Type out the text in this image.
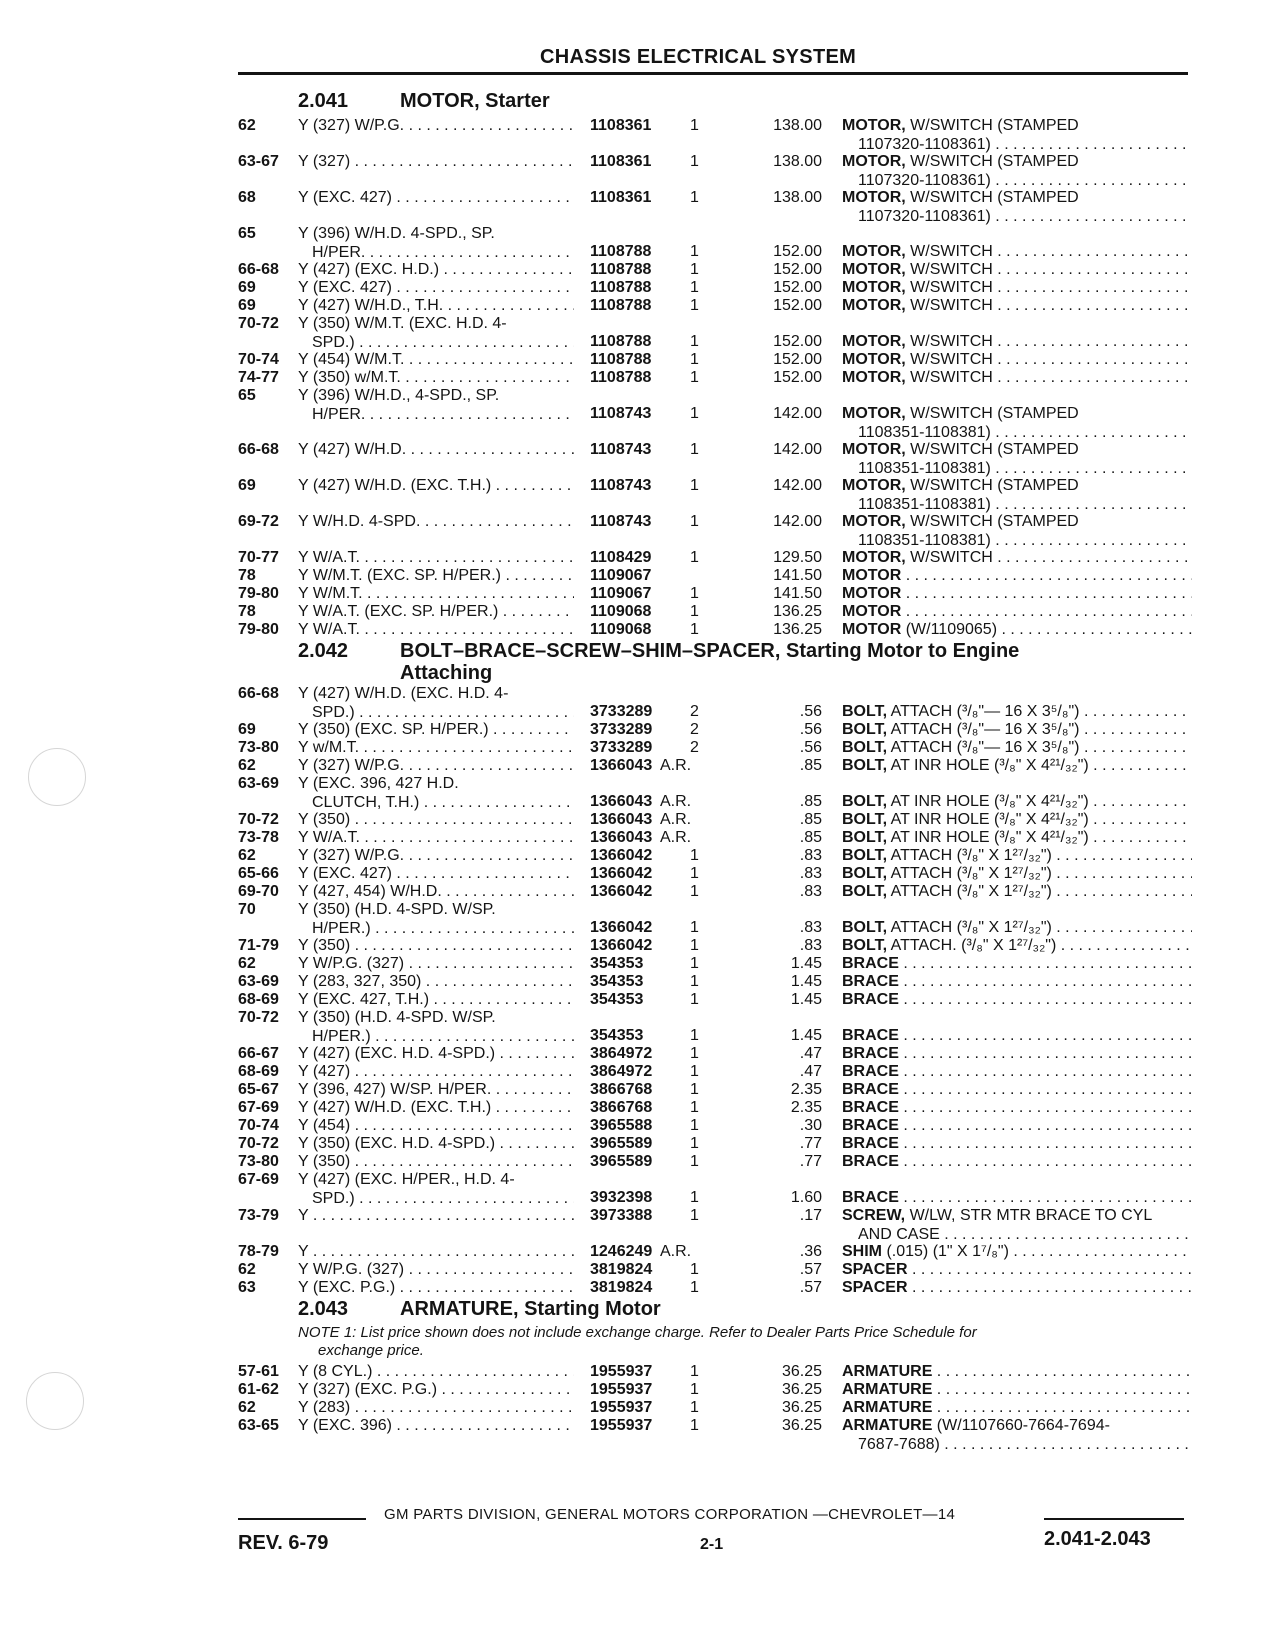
CHASSIS ELECTRICAL SYSTEM
2.041	MOTOR, Starter
62	Y (327) W/P.G. . . .	1108361 1	138.00 MOTOR, W/SWITCH (STAMPED

1107320-1108361) . . .
63-67 Y (327) . . .	1108361 1	138.00 MOTOR, W/SWITCH (STAMPED

1107320-1108361) . . .
68	Y (EXC. 427) . . .	1108361 1	138.00 MOTOR, W/SWITCH (STAMPED

1107320-1108361) . . .
65	Y (396) W/H.D. 4-SPD., SP.

H/PER. . . .	1108788 1	152.00 MOTOR, W/SWITCH . . .
66-68 Y (427) (EXC. H.D.) . . .	1108788 1	152.00 MOTOR, W/SWITCH . . .
69	Y (EXC. 427) . . .	1108788 1	152.00 MOTOR, W/SWITCH . . .
69	Y (427) W/H.D., T.H. . . .	1108788 1	152.00 MOTOR, W/SWITCH . . .
70-72 Y (350) W/M.T. (EXC. H.D. 4-

SPD.) . . .	1108788 1	152.00 MOTOR, W/SWITCH . . .
70-74 Y (454) W/M.T. . . .	1108788 1	152.00 MOTOR, W/SWITCH . . .
74-77 Y (350) w/M.T. . . .	1108788 1	152.00 MOTOR, W/SWITCH . . .
65	Y (396) W/H.D., 4-SPD., SP.

H/PER. . . .	1108743 1	142.00 MOTOR, W/SWITCH (STAMPED

1108351-1108381) . . .
66-68 Y (427) W/H.D. . . .	1108743 1	142.00 MOTOR, W/SWITCH (STAMPED

1108351-1108381) . . .
69	Y (427) W/H.D. (EXC. T.H.) . . .	1108743 1	142.00 MOTOR, W/SWITCH (STAMPED

1108351-1108381) . . .
69-72 Y W/H.D. 4-SPD. . . .	1108743 1	142.00 MOTOR, W/SWITCH (STAMPED

1108351-1108381) . . .
70-77 Y W/A.T. . . .	1108429 1	129.50 MOTOR, W/SWITCH . . .
78	Y W/M.T. (EXC. SP. H/PER.) . . .	1109067	141.50 MOTOR . . .
79-80 Y W/M.T. . . .	1109067 1	141.50 MOTOR . . .
78	Y W/A.T. (EXC. SP. H/PER.) . . .	1109068 1	136.25 MOTOR . . .
79-80 Y W/A.T. . . .	1109068 1	136.25 MOTOR (W/1109065) . . .
2.042	BOLT–BRACE–SCREW–SHIM–SPACER, Starting Motor to Engine
Attaching
66-68 Y (427) W/H.D. (EXC. H.D. 4-

SPD.) . . .	3733289 2	.56 BOLT, ATTACH (³/₈"— 16 X 3⁵/₈") . . .
69	Y (350) (EXC. SP. H/PER.) . . .	3733289 2	.56 BOLT, ATTACH (³/₈"— 16 X 3⁵/₈") . . .
73-80 Y w/M.T. . . .	3733289 2	.56 BOLT, ATTACH (³/₈"— 16 X 3⁵/₈") . . .
62	Y (327) W/P.G. . . .	1366043 A.R.	.85 BOLT, AT INR HOLE (³/₈" X 4²¹/₃₂") . . .
63-69 Y (EXC. 396, 427 H.D.

CLUTCH, T.H.) . . .	1366043 A.R.	.85 BOLT, AT INR HOLE (³/₈" X 4²¹/₃₂") . . .
70-72 Y (350) . . .	1366043 A.R.	.85 BOLT, AT INR HOLE (³/₈" X 4²¹/₃₂") . . .
73-78 Y W/A.T. . . .	1366043 A.R.	.85 BOLT, AT INR HOLE (³/₈" X 4²¹/₃₂") . . .
62	Y (327) W/P.G. . . .	1366042 1	.83 BOLT, ATTACH (³/₈" X 1²⁷/₃₂") . . .
65-66 Y (EXC. 427) . . .	1366042 1	.83 BOLT, ATTACH (³/₈" X 1²⁷/₃₂") . . .
69-70 Y (427, 454) W/H.D. . . .	1366042 1	.83 BOLT, ATTACH (³/₈" X 1²⁷/₃₂") . . .
70	Y (350) (H.D. 4-SPD. W/SP.

H/PER.) . . .	1366042 1	.83 BOLT, ATTACH (³/₈" X 1²⁷/₃₂") . . .
71-79 Y (350) . . .	1366042 1	.83 BOLT, ATTACH. (³/₈" X 1²⁷/₃₂") . . .
62	Y W/P.G. (327) . . .	354353	1	1.45 BRACE . . .
63-69 Y (283, 327, 350) . . .	354353	1	1.45 BRACE . . .
68-69 Y (EXC. 427, T.H.) . . .	354353	1	1.45 BRACE . . .
70-72 Y (350) (H.D. 4-SPD. W/SP.

H/PER.) . . .	354353	1	1.45 BRACE . . .
66-67 Y (427) (EXC. H.D. 4-SPD.) . . .	3864972 1	.47 BRACE . . .
68-69 Y (427) . . .	3864972 1	.47 BRACE . . .
65-67 Y (396, 427) W/SP. H/PER. . . .	3866768 1	2.35 BRACE . . .
67-69 Y (427) W/H.D. (EXC. T.H.) . . .	3866768 1	2.35 BRACE . . .
70-74 Y (454) . . .	3965588 1	.30 BRACE . . .
70-72 Y (350) (EXC. H.D. 4-SPD.) . . .	3965589 1	.77 BRACE . . .
73-80 Y (350) . . .	3965589 1	.77 BRACE . . .
67-69 Y (427) (EXC. H/PER., H.D. 4-

SPD.) . . .	3932398 1	1.60 BRACE . . .
73-79 Y . . .	3973388 1	.17 SCREW, W/LW, STR MTR BRACE TO CYL

AND CASE . . .
78-79 Y . . .	1246249 A.R.	.36 SHIM (.015) (1" X 1⁷/₈") . . .
62	Y W/P.G. (327) . . .	3819824 1	.57 SPACER . . .
63	Y (EXC. P.G.) . . .	3819824 1	.57 SPACER . . .
2.043	ARMATURE, Starting Motor
NOTE 1: List price shown does not include exchange charge. Refer to Dealer Parts Price Schedule for
exchange price.
57-61 Y (8 CYL.) . . .	1955937 1	36.25 ARMATURE . . .
61-62 Y (327) (EXC. P.G.) . . .	1955937 1	36.25 ARMATURE . . .
62	Y (283) . . .	1955937 1	36.25 ARMATURE . . .
63-65 Y (EXC. 396) . . .	1955937 1	36.25 ARMATURE (W/1107660-7664-7694-

7687-7688) . . .
GM PARTS DIVISION, GENERAL MOTORS CORPORATION —CHEVROLET—14
REV. 6-79	2-1	2.041-2.043
